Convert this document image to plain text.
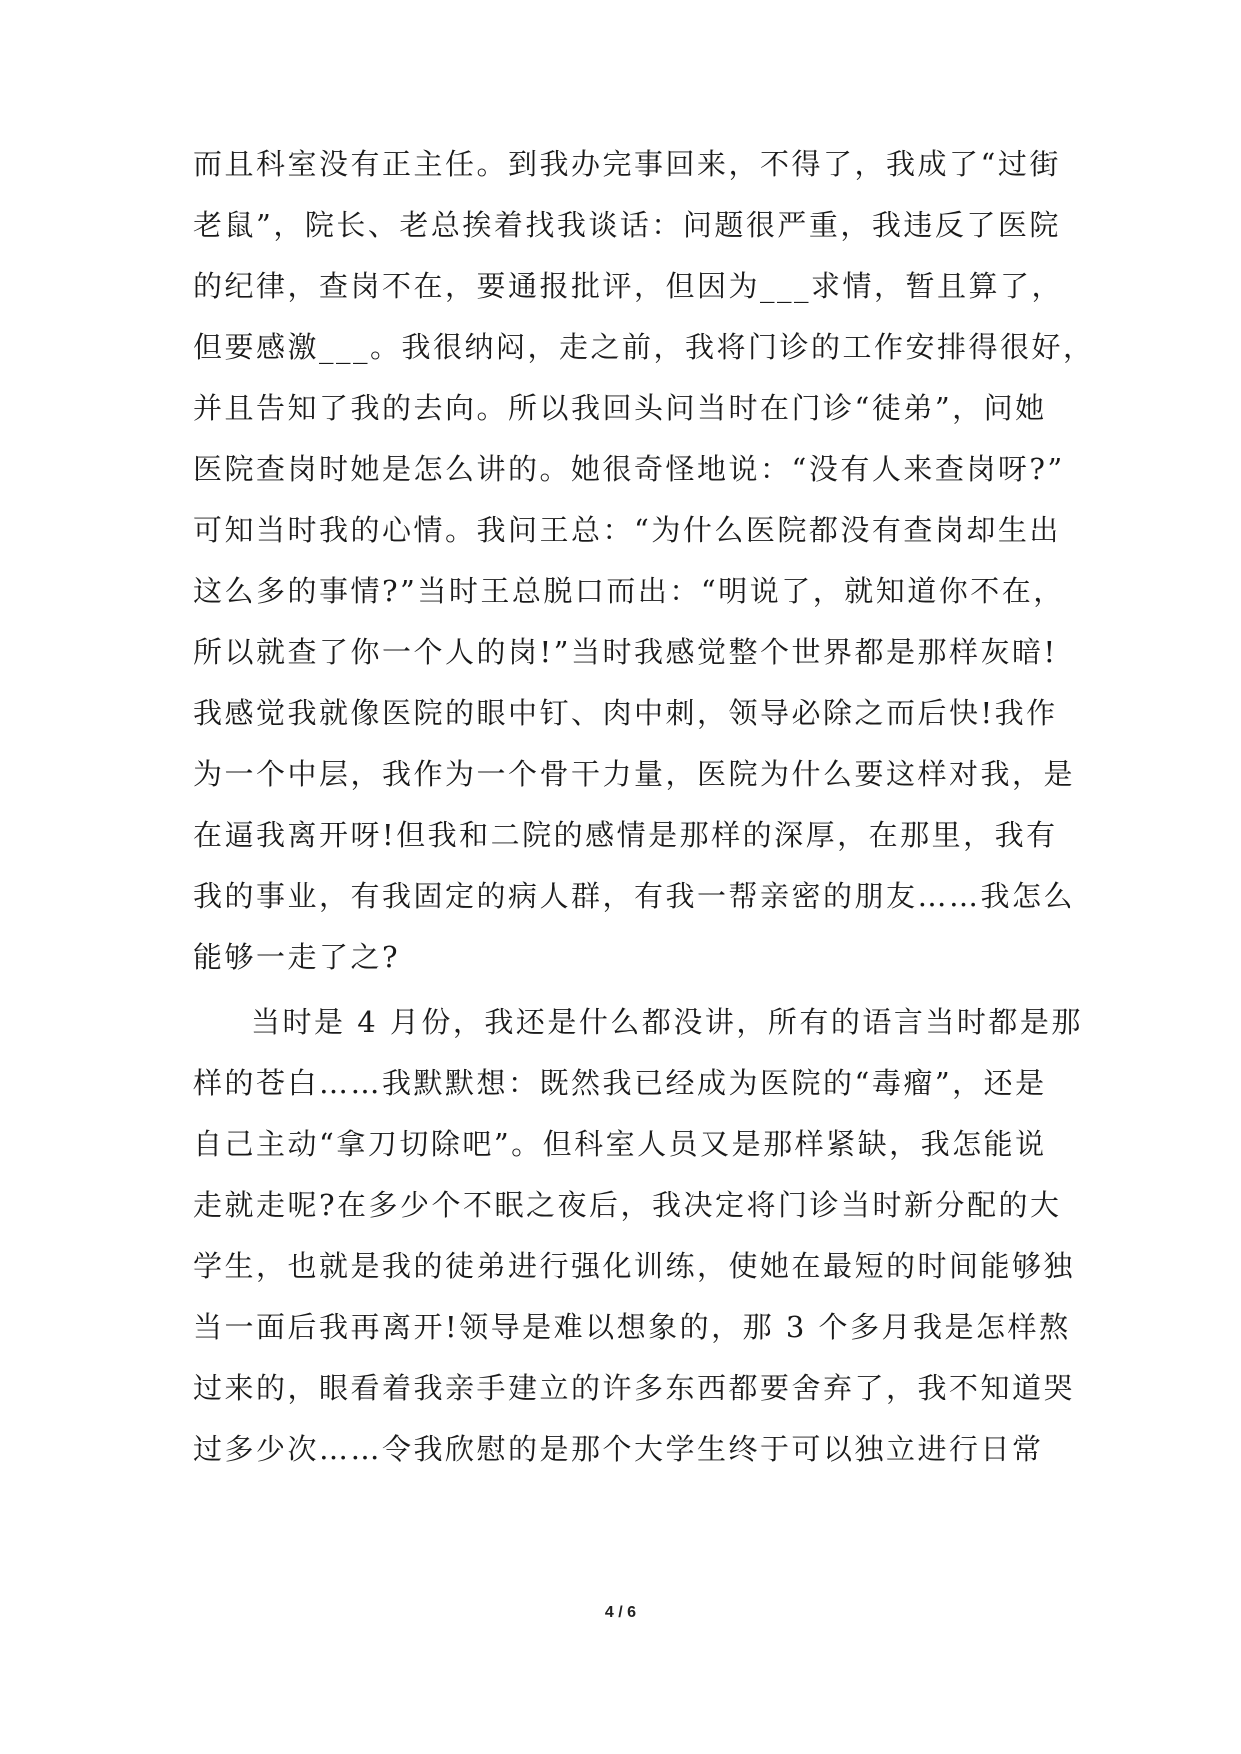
而且科室没有正主任。到我办完事回来，不得了，我成了“过街
老鼠”，院长、老总挨着找我谈话：问题很严重，我违反了医院
的纪律，查岗不在，要通报批评，但因为___求情，暂且算了，
但要感激___。我很纳闷，走之前，我将门诊的工作安排得很好，
并且告知了我的去向。所以我回头问当时在门诊“徒弟”，问她
医院查岗时她是怎么讲的。她很奇怪地说：“没有人来查岗呀?”
可知当时我的心情。我问王总：“为什么医院都没有查岗却生出
这么多的事情?”当时王总脱口而出：“明说了，就知道你不在，
所以就查了你一个人的岗!”当时我感觉整个世界都是那样灰暗!
我感觉我就像医院的眼中钉、肉中刺，领导必除之而后快!我作
为一个中层，我作为一个骨干力量，医院为什么要这样对我，是
在逼我离开呀!但我和二院的感情是那样的深厚，在那里，我有
我的事业，有我固定的病人群，有我一帮亲密的朋友……我怎么
能够一走了之?
当时是 4 月份，我还是什么都没讲，所有的语言当时都是那
样的苍白……我默默想：既然我已经成为医院的“毒瘤”，还是
自己主动“拿刀切除吧”。但科室人员又是那样紧缺，我怎能说
走就走呢?在多少个不眠之夜后，我决定将门诊当时新分配的大
学生，也就是我的徒弟进行强化训练，使她在最短的时间能够独
当一面后我再离开!领导是难以想象的，那 3 个多月我是怎样熬
过来的，眼看着我亲手建立的许多东西都要舍弃了，我不知道哭
过多少次……令我欣慰的是那个大学生终于可以独立进行日常
4 / 6
